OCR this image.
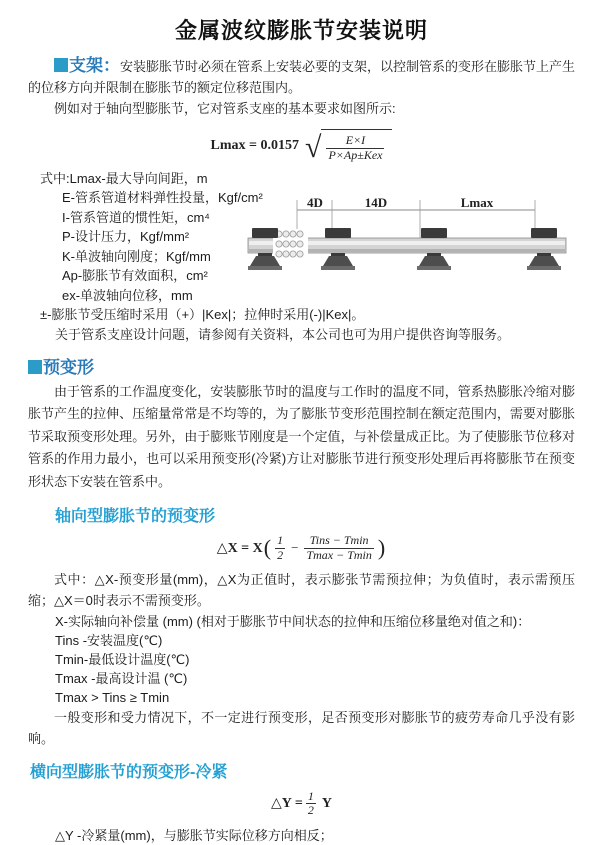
金属波纹膨胀节安装说明

支架：安装膨胀节时必须在管系上安装必要的支架，以控制管系的变形在膨胀节上产生的位移方向并限制在膨胀节的额定位移范围内。

例如对于轴向型膨胀节，它对管系支座的基本要求如图所示:

Lmax = 0.0157 √ $\frac{E\times I}{\text{P×Ap±Kex}}$
式中:Lmax-最大导向间距，m
E-管系管道材料弹性投量，Kgf/cm²
I-管系管道的惯性矩，cm⁴
P-设计压力，Kgf/mm²
K-单波轴向刚度；Kgf/mm
Ap-膨胀节有效面积，cm²
ex-单波轴向位移，mm
±-膨胀节受压缩时采用（+）|Kex|；拉伸时采用(-)|Kex|。
关于管系支座设计问题，请参阅有关资料，本公司也可为用户提供咨询等服务。
4D	14D	Lmax
预变形

由于管系的工作温度变化，安装膨胀节时的温度与工作时的温度不同，管系热膨胀冷缩对膨胀节产生的拉伸、压缩量常常是不均等的，为了膨胀节变形范围控制在额定范围内，需要对膨胀节采取预变形处理。另外，由于膨账节刚度是一个定值，与补偿量成正比。为了使膨胀节位移对管系的作用力最小，也可以采用预变形(冷紧)方让对膨胀节进行预变形处理后再将膨胀节在预变形状态下安装在管系中。

轴向型膨胀节的预变形
△X = X ( $\frac{1}{2} - \frac{\text{Tins − Tmin}}{Tmax - Tmin}$ )

式中：△X-预变形量(mm)，△X为正值时，表示膨张节需预拉伸；为负值时，表示需预压缩；△X＝0时表示不需预变形。

X-实际轴向补偿量 (mm) (相对于膨胀节中间状态的拉伸和压缩位移量绝对值之和)：
Tins -安装温度(℃)
Tmin-最低设计温度(℃)
Tmax -最高设计温 (℃)
Tmax > Tins ≥ Tmin

一般变形和受力情况下，不一定进行预变形，足否预变形对膨胀节的疲劳寿命几乎没有影响。

横向型膨胀节的预变形-冷紧
△Y = $\frac{1}{2}$ Y
△Y -冷紧量(mm)，与膨胀节实际位移方向相反；
